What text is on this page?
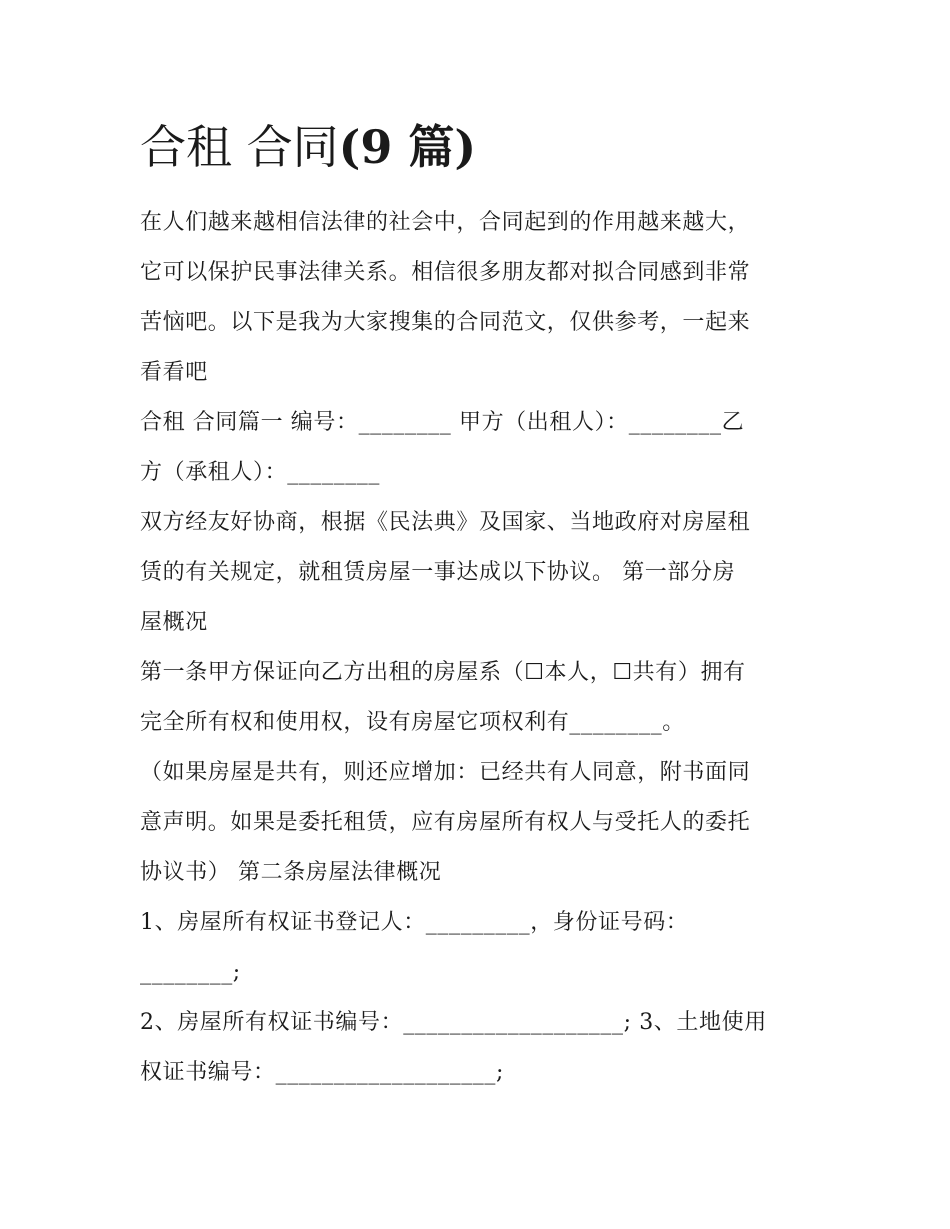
合租 合同(9 篇)

在人们越来越相信法律的社会中，合同起到的作用越来越大，
它可以保护民事法律关系。相信很多朋友都对拟合同感到非常
苦恼吧。以下是我为大家搜集的合同范文，仅供参考，一起来
看看吧

合租 合同篇一 编号：________ 甲方（出租人）：________乙
方（承租人）：________

双方经友好协商，根据《民法典》及国家、当地政府对房屋租
赁的有关规定，就租赁房屋一事达成以下协议。 第一部分房
屋概况

第一条甲方保证向乙方出租的房屋系（☐本人，☐共有）拥有
完全所有权和使用权，设有房屋它项权利有________。

（如果房屋是共有，则还应增加：已经共有人同意，附书面同
意声明。如果是委托租赁，应有房屋所有权人与受托人的委托
协议书） 第二条房屋法律概况

1、房屋所有权证书登记人：_________，身份证号码：
________;

2、房屋所有权证书编号：___________________; 3、土地使用
权证书编号：___________________;
